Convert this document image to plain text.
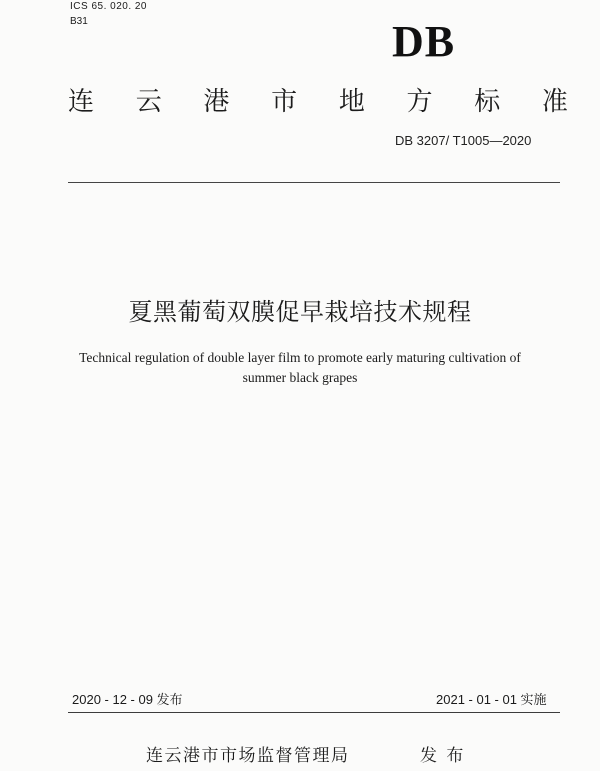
ICS 65. 020. 20
B31	DB
连 云 港 市 地 方 标 准
DB 3207/ T1005—2020
夏黑葡萄双膜促早栽培技术规程
Technical regulation of double layer film to promote early maturing cultivation of summer black grapes
2020 - 12 - 09 发布	2021 - 01 - 01 实施
连云港市市场监督管理局	发 布
